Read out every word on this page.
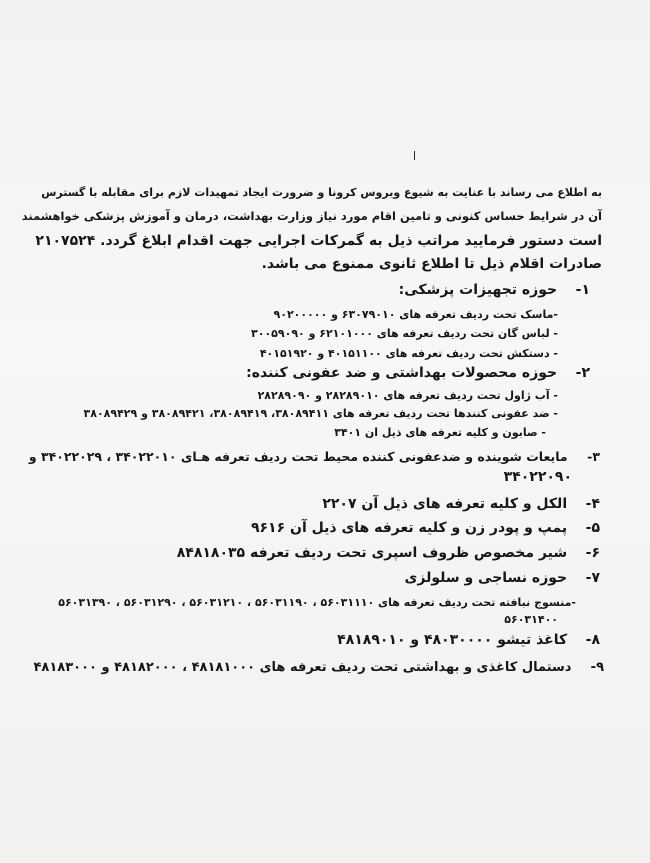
به اطلاع می رساند با عنایت به شیوع ویروس کرونا و ضرورت ایجاد تمهیدات لازم برای مقابله با گسترس
آن در شرایط حساس کنونی و تامین اقام مورد نیاز وزارت بهداشت، درمان و آموزش پزشکی خواهشمند
است دستور فرمایید مراتب ذیل به گمرکات اجرایی جهت اقدام ابلاغ گردد. ۲۱۰۷۵۲۴
صادرات اقلام ذیل تا اطلاع ثانوی ممنوع می باشد.
۱- حوزه تجهیزات پزشکی:
-ماسک تحت ردیف تعرفه های ۶۳۰۷۹۰۱۰ و ۹۰۲۰۰۰۰۰
- لباس گان تحت ردیف تعرفه های ۶۲۱۰۱۰۰۰ و ۳۰۰۵۹۰۹۰
- دستکش تحت ردیف تعرفه های ۴۰۱۵۱۱۰۰ و ۴۰۱۵۱۹۲۰
۲- حوزه محصولات بهداشتی و ضد عفونی کننده:
- آب ژاول تحت ردیف تعرفه های ۲۸۲۸۹۰۱۰ و ۲۸۲۸۹۰۹۰
- ضد عفونی کنندها تحت ردیف تعرفه های ۳۸۰۸۹۴۱۱، ۳۸۰۸۹۴۱۹، ۳۸۰۸۹۴۲۱ و ۳۸۰۸۹۴۲۹
- صابون و کلیه تعرفه های ذیل ان ۳۴۰۱
۳- مایعات شوینده و ضدعفونی کننده محیط تحت ردیف تعرفه هـای ۳۴۰۲۲۰۱۰ ، ۳۴۰۲۲۰۲۹ و
۳۴۰۲۲۰۹۰
۴- الکل و کلیه تعرفه های ذیل آن ۲۲۰۷
۵- پمپ و پودر زن و کلیه تعرفه های ذیل آن ۹۶۱۶
۶- شیر مخصوص ظروف اسپری تحت ردیف تعرفه ۸۴۸۱۸۰۳۵
۷- حوزه نساجی و سلولزی
-منسوج نبافته تحت ردیف تعرفه های ۵۶۰۳۱۱۱۰ ، ۵۶۰۳۱۱۹۰ ، ۵۶۰۳۱۲۱۰ ، ۵۶۰۳۱۲۹۰ ، ۵۶۰۳۱۳۹۰
۵۶۰۳۱۴۰۰
۸- کاغذ تیشو ۴۸۰۳۰۰۰۰ و ۴۸۱۸۹۰۱۰
۹- دستمال کاغذی و بهداشتی تحت ردیف تعرفه های ۴۸۱۸۱۰۰۰ ، ۴۸۱۸۲۰۰۰ و ۴۸۱۸۳۰۰۰
